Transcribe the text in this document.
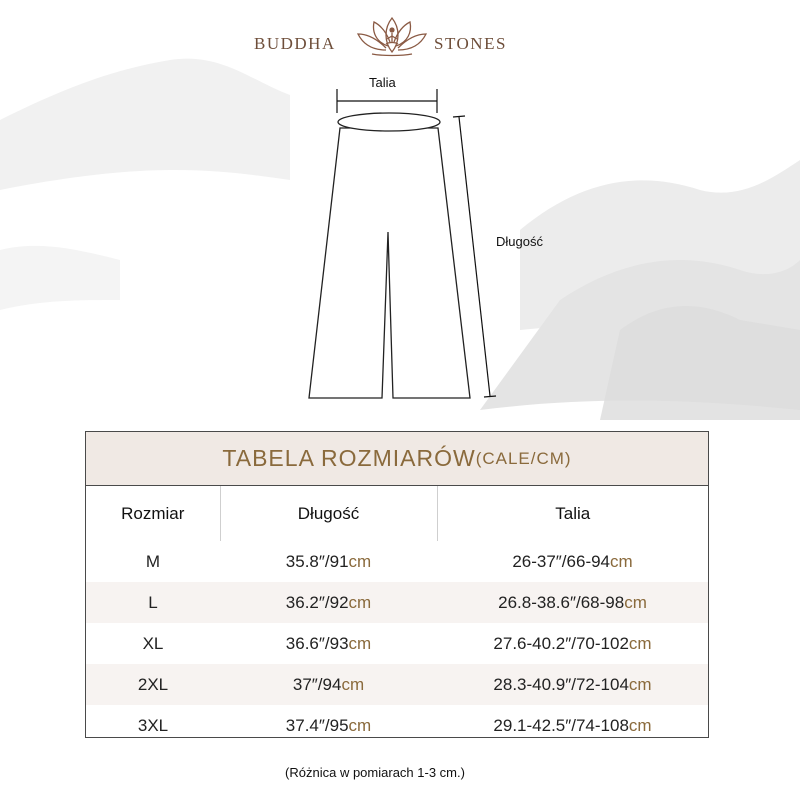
BUDDHA	STONES
Talia
Długość
TABELA ROZMIARÓW (CALE/CM)
Rozmiar	Długość	Talia
M	35.8″/91cm	26-37″/66-94cm
L	36.2″/92cm	26.8-38.6″/68-98cm
XL	36.6″/93cm	27.6-40.2″/70-102cm
2XL	37″/94cm	28.3-40.9″/72-104cm
3XL	37.4″/95cm	29.1-42.5″/74-108cm
(Różnica w pomiarach 1-3 cm.)
